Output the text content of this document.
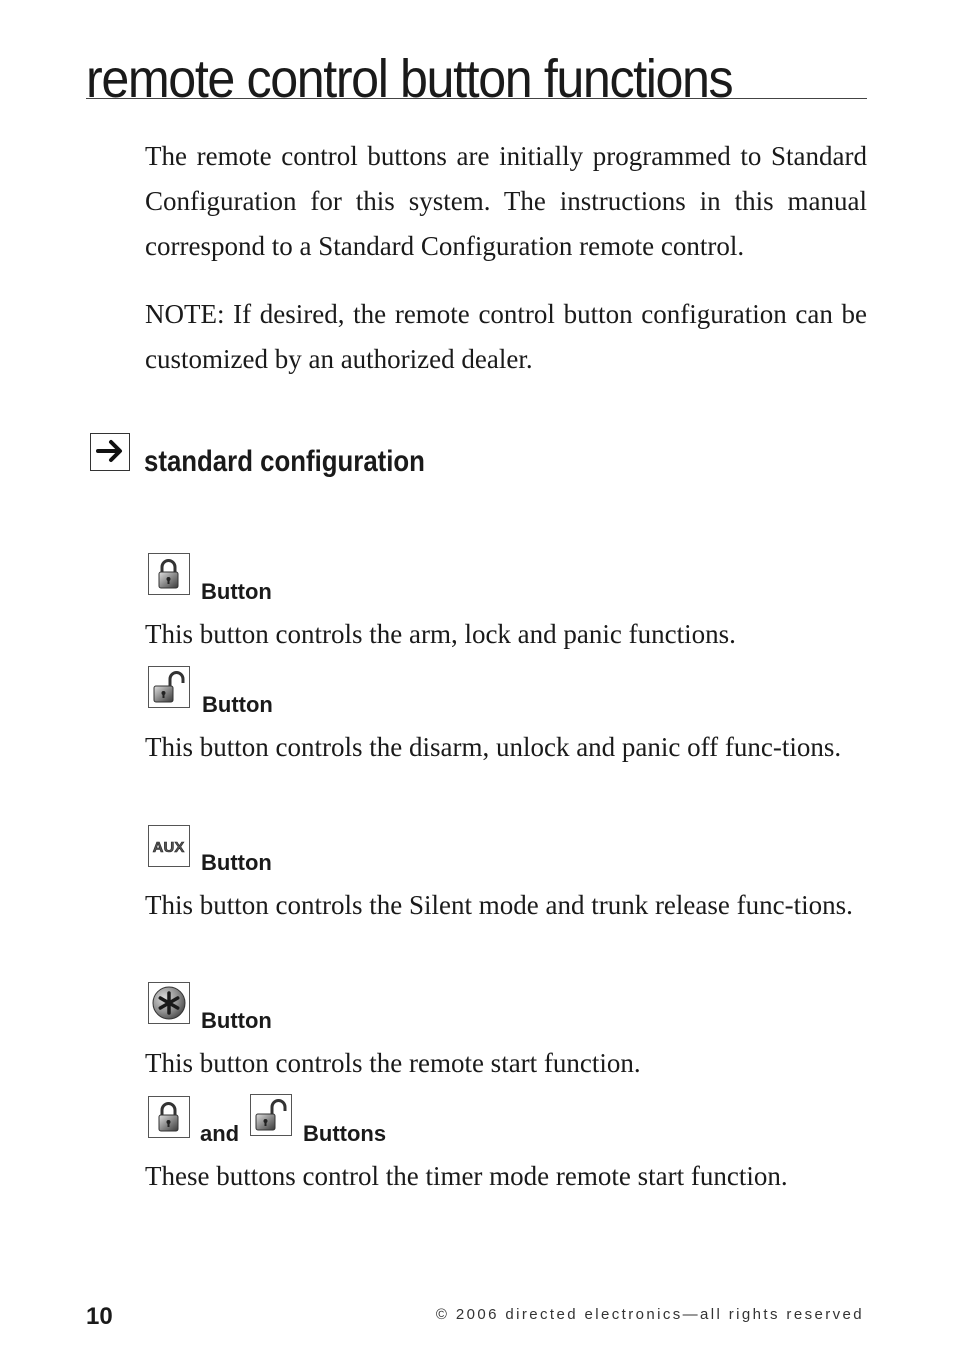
remote control button functions

The remote control buttons are initially programmed to Standard Configuration for this system. The instructions in this manual correspond to a Standard Configuration remote control.

NOTE: If desired, the remote control button configuration can be customized by an authorized dealer.

standard configuration
Button

This button controls the arm, lock and panic functions.

Button

This button controls the disarm, unlock and panic off func-tions.

AUX
Button

This button controls the Silent mode and trunk release func-tions.

Button

This button controls the remote start function.

and	Buttons

These buttons control the timer mode remote start function.

10	© 2006 directed electronics—all rights reserved
